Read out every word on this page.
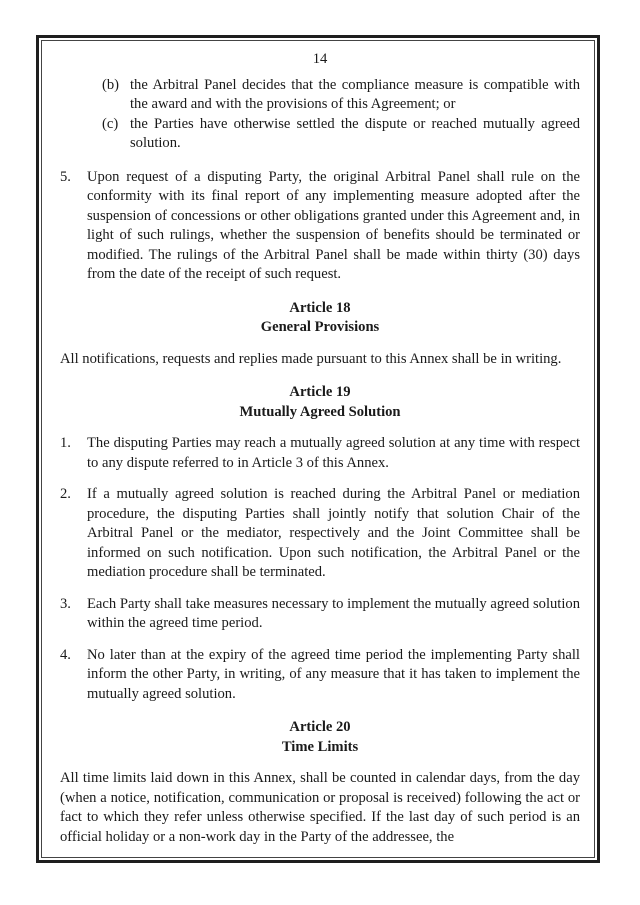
14
(b) the Arbitral Panel decides that the compliance measure is compatible with the award and with the provisions of this Agreement; or
(c) the Parties have otherwise settled the dispute or reached mutually agreed solution.
5.	Upon request of a disputing Party, the original Arbitral Panel shall rule on the conformity with its final report of any implementing measure adopted after the suspension of concessions or other obligations granted under this Agreement and, in light of such rulings, whether the suspension of benefits should be terminated or modified. The rulings of the Arbitral Panel shall be made within thirty (30) days from the date of the receipt of such request.
Article 18
General Provisions
All notifications, requests and replies made pursuant to this Annex shall be in writing.
Article 19
Mutually Agreed Solution
1.	The disputing Parties may reach a mutually agreed solution at any time with respect to any dispute referred to in Article 3 of this Annex.
2.	If a mutually agreed solution is reached during the Arbitral Panel or mediation procedure, the disputing Parties shall jointly notify that solution Chair of the Arbitral Panel or the mediator, respectively and the Joint Committee shall be informed on such notification. Upon such notification, the Arbitral Panel or the mediation procedure shall be terminated.
3.	Each Party shall take measures necessary to implement the mutually agreed solution within the agreed time period.
4.	No later than at the expiry of the agreed time period the implementing Party shall inform the other Party, in writing, of any measure that it has taken to implement the mutually agreed solution.
Article 20
Time Limits
All time limits laid down in this Annex, shall be counted in calendar days, from the day (when a notice, notification, communication or proposal is received) following the act or fact to which they refer unless otherwise specified. If the last day of such period is an official holiday or a non-work day in the Party of the addressee, the
